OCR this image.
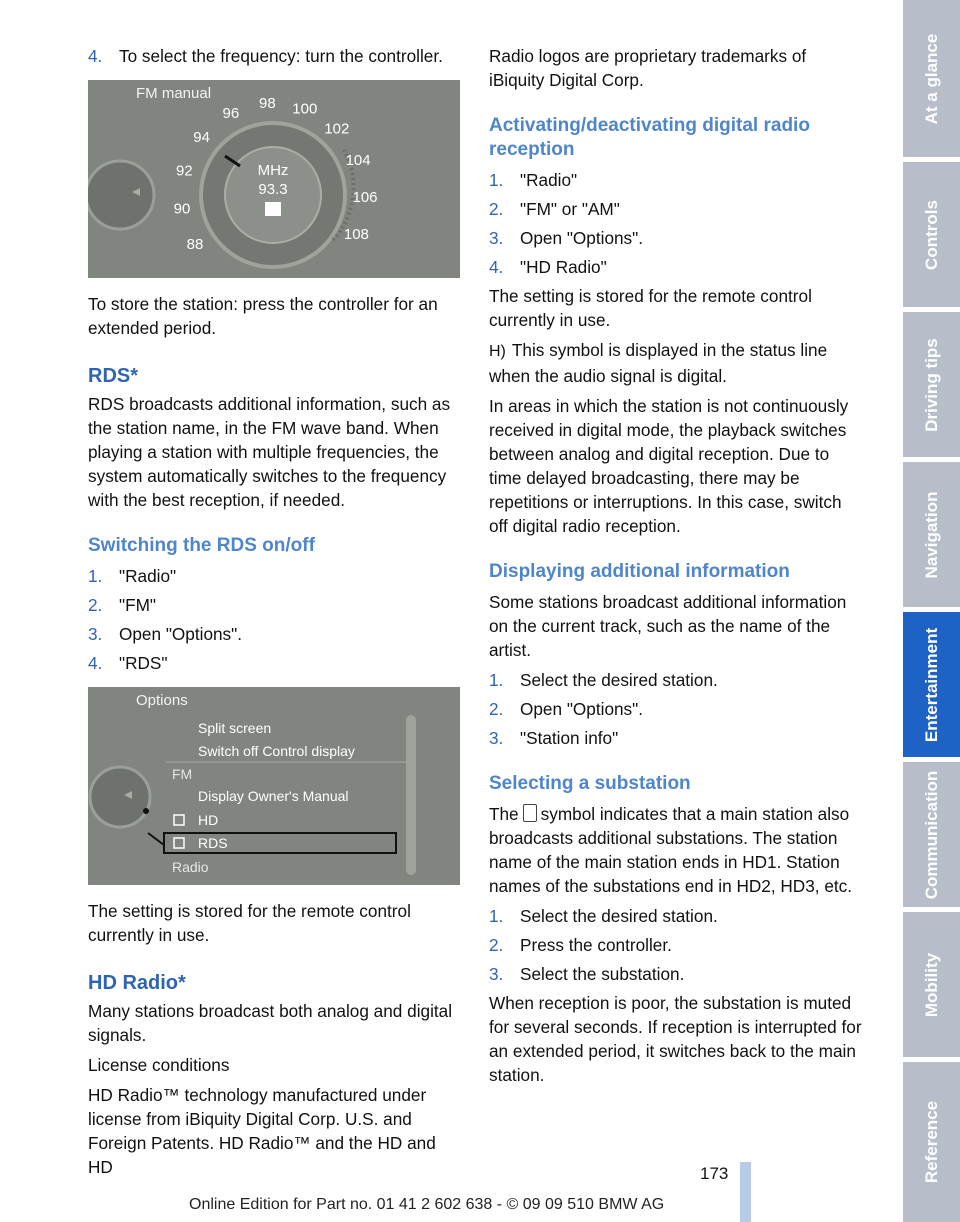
4. To select the frequency: turn the controller.
MHz
93.3
88
90
92
94
96
98 100
102
104
106
108
FM manual

To store the station: press the controller for an extended period.

RDS*

RDS broadcasts additional information, such as the station name, in the FM wave band. When playing a station with multiple frequencies, the system automatically switches to the frequency with the best reception, if needed.

Switching the RDS on/off
1. "Radio"
2. "FM"
3. Open "Options".
4. "RDS"
Split screen
Switch off Control display
FM
Display Owner's Manual
HD
RDS
Radio
Options

The setting is stored for the remote control currently in use.

HD Radio*

Many stations broadcast both analog and digital signals.

License conditions

HD Radio™ technology manufactured under license from iBiquity Digital Corp. U.S. and Foreign Patents. HD Radio™ and the HD and HD

Radio logos are proprietary trademarks of iBiquity Digital Corp.

Activating/deactivating digital radio reception
1. "Radio"
2. "FM" or "AM"
3. Open "Options".
4. "HD Radio"

The setting is stored for the remote control currently in use.

H) This symbol is displayed in the status line when the audio signal is digital.

In areas in which the station is not continuously received in digital mode, the playback switches between analog and digital reception. Due to time delayed broadcasting, there may be repetitions or interruptions. In this case, switch off digital radio reception.

Displaying additional information

Some stations broadcast additional information on the current track, such as the name of the artist.

1. Select the desired station.
2. Open "Options".
3. "Station info"
Selecting a substation

The symbol indicates that a main station also broadcasts additional substations. The station name of the main station ends in HD1. Station names of the substations end in HD2, HD3, etc.

1. Select the desired station.
2. Press the controller.
3. Select the substation.

When reception is poor, the substation is muted for several seconds. If reception is interrupted for an extended period, it switches back to the main station.

At a glance
Controls
Driving tips
Navigation
Entertainment
Communication
Mobility
Reference
173
Online Edition for Part no. 01 41 2 602 638 - © 09 09 510 BMW AG
